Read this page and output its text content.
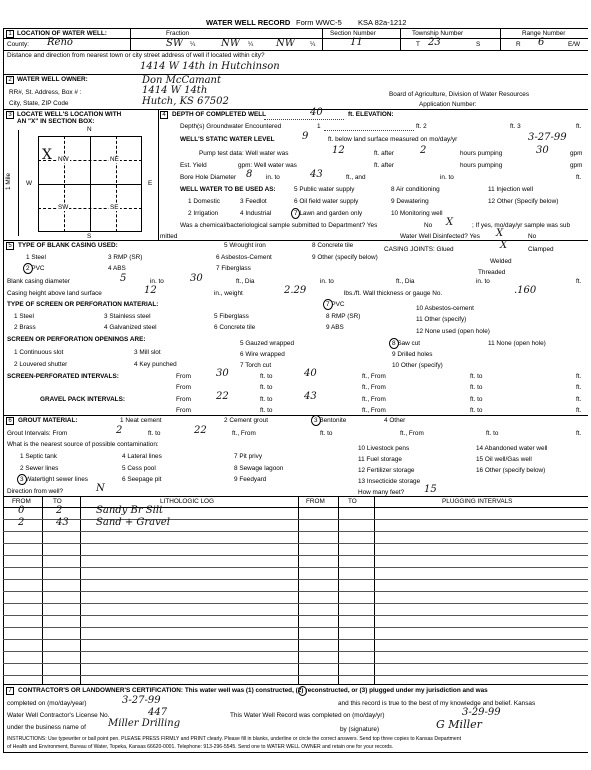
WATER WELL RECORD Form WWC-5 KSA 82a-1212
1 LOCATION OF WATER WELL:	Fraction	Section Number	Township Number	Range Number
County: Reno	SW ¼	NW ¼ NW ¼	11	T 23	S	R 6	E/W
Distance and direction from nearest town or city street address of well if located within city?
1414 W 14th in Hutchinson
2 WATER WELL OWNER:	Don McCamant
RR#, St. Address, Box # :	1414 W 14th	Board of Agriculture, Division of Water Resources
City, State, ZIP Code	Hutch, KS 67502	Application Number:
3 LOCATE WELL'S LOCATION WITH
AN "X" IN SECTION BOX:
N
S
W	E
1 Mile
NW	NE
SW	SE
X
4 DEPTH OF COMPLETED WELL	40	ft. ELEVATION:
Depth(s) Groundwater Encountered	1	ft. 2	ft. 3	ft.
WELL'S STATIC WATER LEVEL	9	ft. below land surface measured on mo/day/yr	3-27-99
Pump test data: Well water was	12	ft. after	2	hours pumping	30	gpm
Est. Yield	gpm: Well water was	ft. after	hours pumping	gpm
Bore Hole Diameter 8 in. to	43	ft., and	in. to	ft.
WELL WATER TO BE USED AS:	5 Public water supply	8 Air conditioning	11 Injection well
1 Domestic	3 Feedlot	6 Oil field water supply	9 Dewatering	12 Other (Specify below)
2 Irrigation	4 Industrial	7 Lawn and garden only	10 Monitoring well
Was a chemical/bacteriological sample submitted to Department? Yes	No X	; If yes, mo/day/yr sample was sub
mitted	Water Well Disinfected? Yes X	No
5 TYPE OF BLANK CASING USED:	5 Wrought iron	8 Concrete tile
CASING JOINTS: Glued	X	Clamped
1 Steel	3 RMP (SR)	6 Asbestos-Cement	9 Other (specify below)
Welded
2 PVC	4 ABS	7 Fiberglass
Threaded
Blank casing diameter	5	in. to	30	ft., Dia	in. to	ft., Dia	in. to	ft.
Casing height above land surface	12	in., weight	2.29	lbs./ft. Wall thickness or gauge No.	.160
TYPE OF SCREEN OR PERFORATION MATERIAL:	7 PVC
10 Asbestos-cement
1 Steel	3 Stainless steel	5 Fiberglass	8 RMP (SR)	11 Other (specify)
2 Brass	4 Galvanized steel	6 Concrete tile	9 ABS
12 None used (open hole)
SCREEN OR PERFORATION OPENINGS ARE:
5 Gauzed wrapped	8 Saw cut	11 None (open hole)
1 Continuous slot	3 Mill slot	6 Wire wrapped	9 Drilled holes
2 Louvered shutter	4 Key punched	7 Torch cut	10 Other (specify)
SCREEN-PERFORATED INTERVALS:	From	30	ft. to	40	ft., From	ft. to	ft.
From	ft. to	ft., From	ft. to	ft.
GRAVEL PACK INTERVALS:	From	22	ft. to	43	ft., From	ft. to	ft.
From	ft. to	ft., From	ft. to	ft.
6 GROUT MATERIAL:	1 Neat cement	2 Cement grout	3 Bentonite	4 Other
Grout Intervals: From	2	ft. to	22	ft., From	ft. to	ft., From	ft. to	ft.
What is the nearest source of possible contamination:
10 Livestock pens	14 Abandoned water well
1 Septic tank	4 Lateral lines	7 Pit privy	11 Fuel storage	15 Oil well/Gas well
2 Sewer lines	5 Cess pool	8 Sewage lagoon	12 Fertilizer storage	16 Other (specify below)
3 Watertight sewer lines	6 Seepage pit	9 Feedyard	13 Insecticide storage
Direction from well?	N	How many feet? 15
FROM	TO	LITHOLOGIC LOG	FROM	TO	PLUGGING INTERVALS
0	2	Sandy Br Silt
2	43	Sand + Gravel
7 CONTRACTOR'S OR LANDOWNER'S CERTIFICATION: This water well was (1) constructed, (2) reconstructed, or (3) plugged under my jurisdiction and was
completed on (mo/day/year)	3-27-99	and this record is true to the best of my knowledge and belief. Kansas
Water Well Contractor's License No.	447	This Water Well Record was completed on (mo/day/yr)	3-29-99
under the business name of Miller Drilling
by (signature)	G Miller
INSTRUCTIONS: Use typewriter or ball point pen. PLEASE PRESS FIRMLY and PRINT clearly. Please fill in blanks, underline or circle the correct answers. Send top three copies to Kansas Department
of Health and Environment, Bureau of Water, Topeka, Kansas 66620-0001. Telephone: 913-296-5545. Send one to WATER WELL OWNER and retain one for your records.
